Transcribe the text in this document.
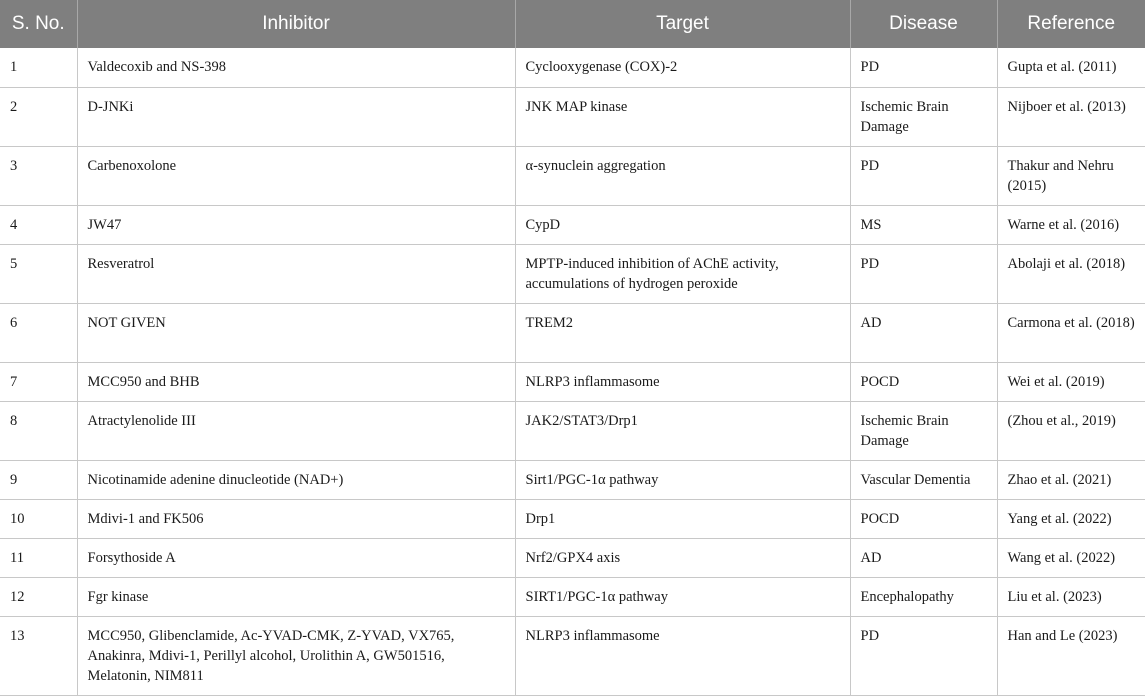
S. No.	Inhibitor	Target	Disease	Reference
1	Valdecoxib and NS-398	Cyclooxygenase (COX)-2	PD	Gupta et al. (2011)
2	D-JNKi	JNK MAP kinase	Ischemic Brain Damage	Nijboer et al. (2013)
3	Carbenoxolone	α-synuclein aggregation	PD	Thakur and Nehru (2015)
4	JW47	CypD	MS	Warne et al. (2016)
5	Resveratrol	MPTP-induced inhibition of AChE activity, accumulations of hydrogen peroxide	PD	Abolaji et al. (2018)
6	NOT GIVEN	TREM2	AD	Carmona et al. (2018)
7	MCC950 and BHB	NLRP3 inflammasome	POCD	Wei et al. (2019)
8	Atractylenolide III	JAK2/STAT3/Drp1	Ischemic Brain Damage	(Zhou et al., 2019)
9	Nicotinamide adenine dinucleotide (NAD+)	Sirt1/PGC-1α pathway	Vascular Dementia	Zhao et al. (2021)
10	Mdivi-1 and FK506	Drp1	POCD	Yang et al. (2022)
11	Forsythoside A	Nrf2/GPX4 axis	AD	Wang et al. (2022)
12	Fgr kinase	SIRT1/PGC-1α pathway	Encephalopathy	Liu et al. (2023)
13	MCC950, Glibenclamide, Ac-YVAD-CMK, Z-YVAD, VX765, Anakinra, Mdivi-1, Perillyl alcohol, Urolithin A, GW501516, Melatonin, NIM811	NLRP3 inflammasome	PD	Han and Le (2023)
